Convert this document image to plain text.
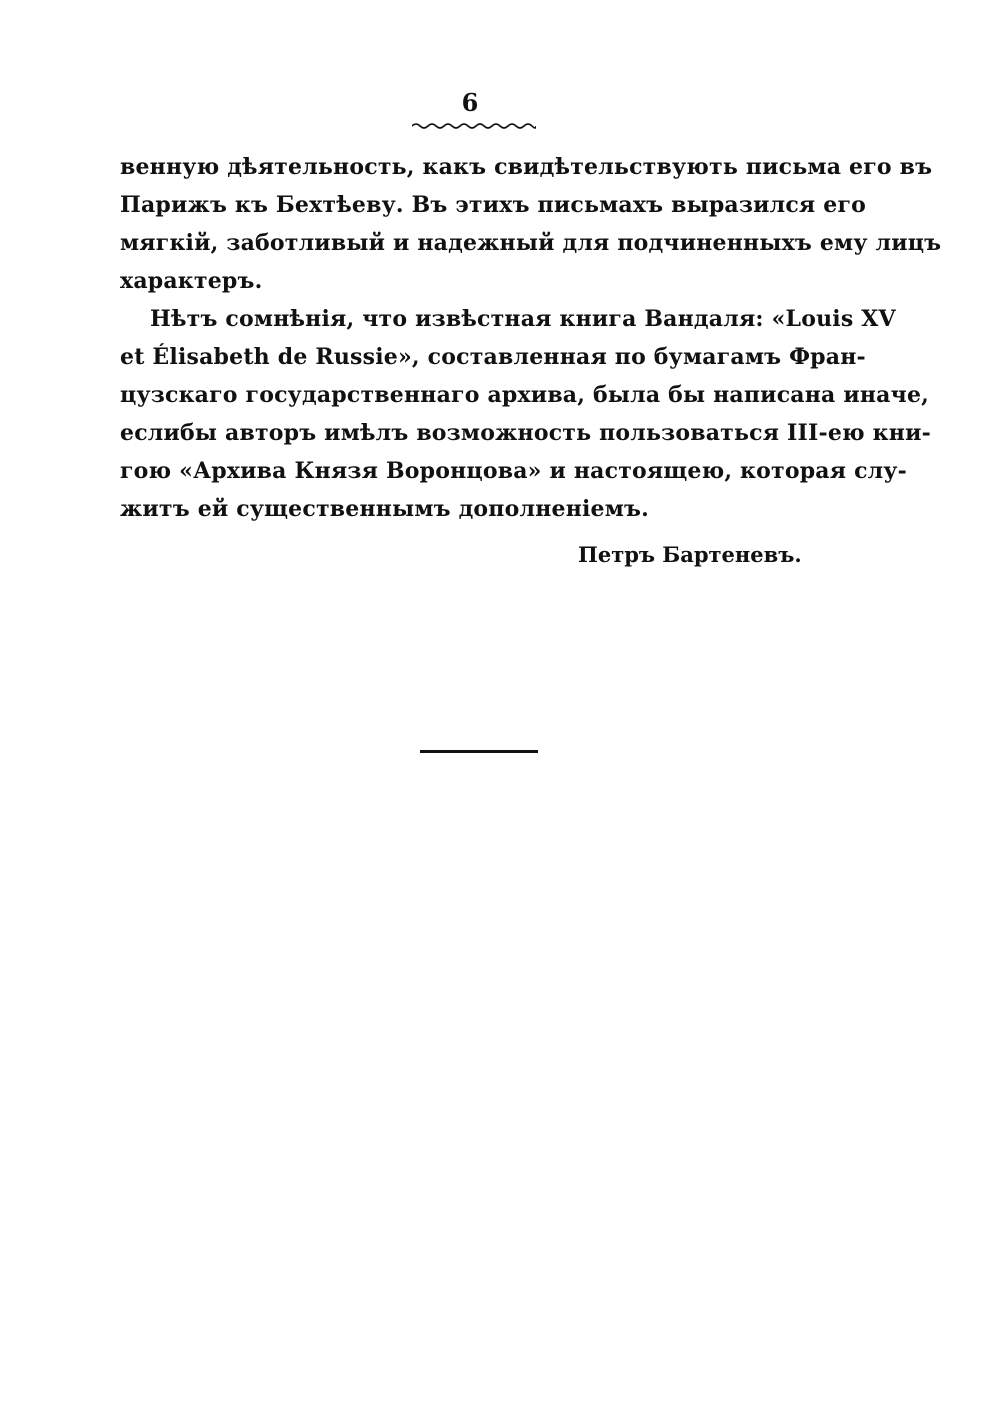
6
венную дѣятельность, какъ свидѣтельствують письма его въ
Парижъ къ Бехтѣеву. Въ этихъ письмахъ выразился его
мягкій, заботливый и надежный для подчиненныхъ ему лицъ
характеръ.
Нѣтъ сомнѣнія, что извѣстная книга Вандаля: «Louis XV
et Élisabeth de Russie», составленная по бумагамъ Фран-
цузскаго государственнаго архива, была бы написана иначе,
еслибы авторъ имѣлъ возможность пользоваться III-ею кни-
гою «Архива Князя Воронцова» и настоящею, которая слу-
житъ ей существеннымъ дополненіемъ.
Петръ Бартеневъ.
